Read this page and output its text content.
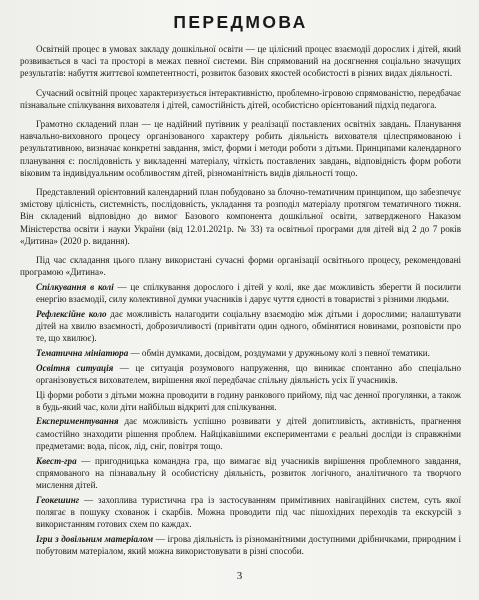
ПЕРЕДМОВА

Освітній процес в умовах закладу дошкільної освіти — це цілісний процес взаємодії дорослих і дітей, який розвивається в часі та просторі в межах певної системи. Він спрямований на досягнення соціально значущих результатів: набуття життєвої компетентності, розвиток базових якостей особистості в різних видах діяльності.

Сучасний освітній процес характеризується інтерактивністю, проблемно-ігровою спрямованістю, передбачає пізнавальне спілкування вихователя і дітей, самостійність дітей, особистісно орієнтований підхід педагога.

Грамотно складений план — це надійний путівник у реалізації поставлених освітніх завдань. Планування навчально-виховного процесу організованого характеру робить діяльність вихователя цілеспрямованою і результативною, визначає конкретні завдання, зміст, форми і методи роботи з дітьми. Принципами календарного планування є: послідовність у викладенні матеріалу, чіткість поставлених завдань, відповідність форм роботи віковим та індивідуальним особливостям дітей, різноманітність видів діяльності тощо.

Представлений орієнтовний календарний план побудовано за блочно-тематичним принципом, що забезпечує змістову цілісність, системність, послідовність, укладання та розподіл матеріалу протягом тематичного тижня. Він складений відповідно до вимог Базового компонента дошкільної освіти, затвердженого Наказом Міністерства освіти і науки України (від 12.01.2021р. № 33) та освітньої програми для дітей від 2 до 7 років «Дитина» (2020 р. видання).

Під час складання цього плану використані сучасні форми організації освітнього процесу, рекомендовані програмою «Дитина».

Спілкування в колі — це спілкування дорослого і дітей у колі, яке дає можливість зберегти й посилити енергію взаємодії, силу колективної думки учасників і дарує чуття єдності в товаристві з різними людьми.

Рефлексійне коло дає можливість налагодити соціальну взаємодію між дітьми і дорослими; налаштувати дітей на хвилю взаємності, доброзичливості (привітати один одного, обмінятися новинами, розповісти про те, що хвилює).

Тематична мініатюра — обмін думками, досвідом, роздумами у дружньому колі з певної тематики.

Освітня ситуація — це ситуація розумового напруження, що виникає спонтанно або спеціально організовується вихователем, вирішення якої передбачає спільну діяльність усіх її учасників.

Ці форми роботи з дітьми можна проводити в годину ранкового прийому, під час денної прогулянки, а також в будь-який час, коли діти найбільш відкриті для спілкування.

Експериментування дає можливість успішно розвивати у дітей допитливість, активність, прагнення самостійно знаходити рішення проблем. Найцікавішими експериментами є реальні досліди із справжніми предметами: вода, пісок, лід, сніг, повітря тощо.

Квест-гра — пригодницька командна гра, що вимагає від учасників вирішення проблемного завдання, спрямованого на пізнавальну й особистісну діяльність, розвиток логічного, аналітичного та творчого мислення дітей.

Геокешинг — захоплива туристична гра із застосуванням примітивних навігаційних систем, суть якої полягає в пошуку схованок і скарбів. Можна проводити під час пішохідних переходів та екскурсій з використанням готових схем по каждах.

Ігри з довільним матеріалом — ігрова діяльність із різноманітними доступними дрібничками, природним і побутовим матеріалом, який можна використовувати в різні способи.

3
